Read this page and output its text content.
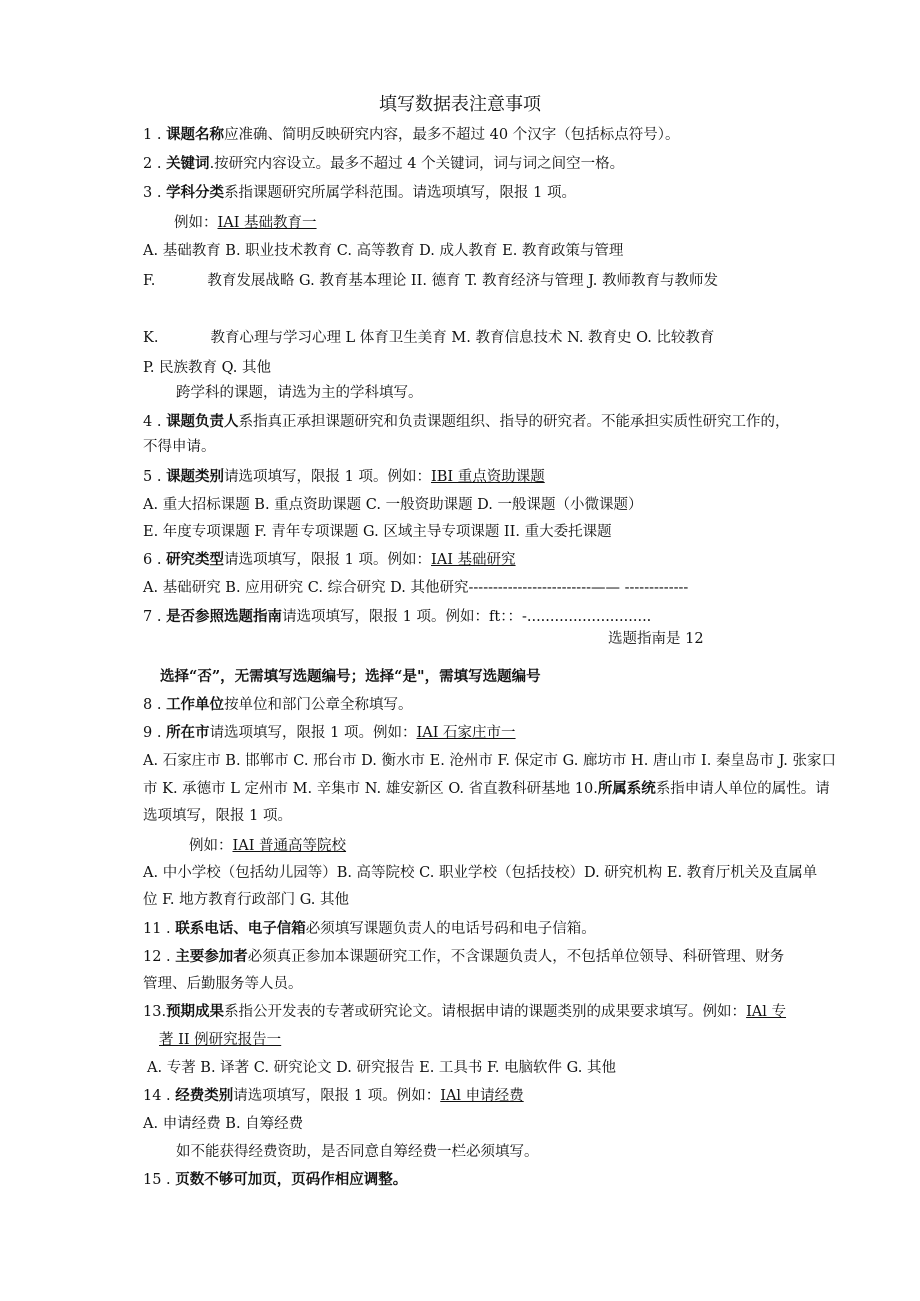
填写数据表注意事项

1 . 课题名称应准确、简明反映研究内容，最多不超过 40 个汉字（包括标点符号）。

2 . 关键词.按研究内容设立。最多不超过 4 个关键词，词与词之间空一格。

3 . 学科分类系指课题研究所属学科范围。请选项填写，限报 1 项。

例如：IAI 基础教育一

A. 基础教育 B. 职业技术教育 C. 高等教育 D. 成人教育 E. 教育政策与管理

F.	教育发展战略 G. 教育基本理论 II. 德育 T. 教育经济与管理 J. 教师教育与教师发

K.	教育心理与学习心理 L 体育卫生美育 M. 教育信息技术 N. 教育史 O. 比较教育

P. 民族教育 Q. 其他

跨学科的课题，请选为主的学科填写。

4 . 课题负责人系指真正承担课题研究和负责课题组织、指导的研究者。不能承担实质性研究工作的，

不得申请。

5 . 课题类别请选项填写，限报 1 项。例如：IBI 重点资助课题

A. 重大招标课题 B. 重点资助课题 C. 一般资助课题 D. 一般课题（小微课题）

E. 年度专项课题 F. 青年专项课题 G. 区域主导专项课题 II. 重大委托课题

6 . 研究类型请选项填写，限报 1 项。例如：IAI 基础研究

A. 基础研究 B. 应用研究 C. 综合研究 D. 其他研究-------------------------—— -------------

7 . 是否参照选题指南请选项填写，限报 1 项。例如：ft：：-...........................

选题指南是 12

选择“否”，无需填写选题编号；选择“是"，需填写选题编号

8 . 工作单位按单位和部门公章全称填写。

9 . 所在市请选项填写，限报 1 项。例如：IAI 石家庄市一

A. 石家庄市 B. 邯郸市 C. 邢台市 D. 衡水市 E. 沧州市 F. 保定市 G. 廊坊市 H. 唐山市 I. 秦皇岛市 J. 张家口

市 K. 承德市 L 定州市 M. 辛集市 N. 雄安新区 O. 省直教科研基地 10.所属系统系指申请人单位的属性。请

选项填写，限报 1 项。

例如：IAI 普通高等院校

A. 中小学校（包括幼儿园等）B. 高等院校 C. 职业学校（包括技校）D. 研究机构 E. 教育厅机关及直属单

位 F. 地方教育行政部门 G. 其他

11 . 联系电话、电子信箱必须填写课题负责人的电话号码和电子信箱。

12 . 主要参加者必须真正参加本课题研究工作，不含课题负责人，不包括单位领导、科研管理、财务

管理、后勤服务等人员。

13.预期成果系指公开发表的专著或研究论文。请根据申请的课题类别的成果要求填写。例如：IAl 专

著 II 例研究报告一

A. 专著 B. 译著 C. 研究论文 D. 研究报告 E. 工具书 F. 电脑软件 G. 其他

14 . 经费类别请选项填写，限报 1 项。例如：IAl 申请经费

A. 申请经费 B. 自筹经费

如不能获得经费资助，是否同意自筹经费一栏必须填写。

15 . 页数不够可加页，页码作相应调整。
